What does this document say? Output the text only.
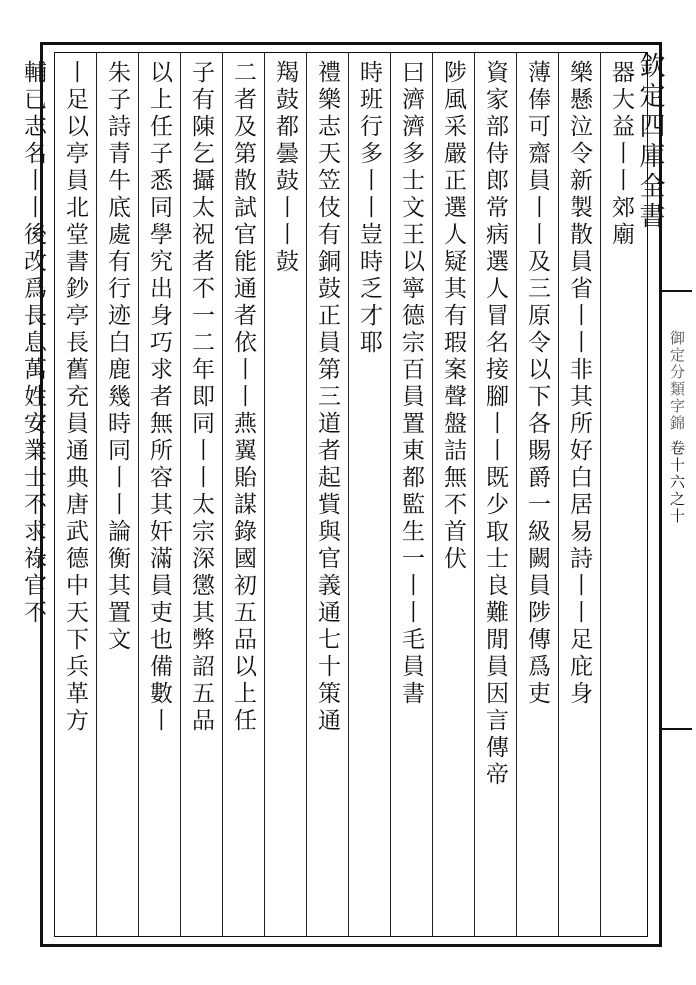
欽定四庫全書
御定分類字錦
卷十六之十
器大益丨丨郊廟
樂懸泣令新製散員省丨丨非其所好白居易詩丨丨足庇身
薄俸可齋員丨丨及三原令以下各賜爵一級闕員陟傳爲吏
資家部侍郎常病選人冒名接腳丨丨既少取士良難閒員因言傳帝
陟風采嚴正選人疑其有瑕案聲盤詰無不首伏
曰濟濟多士文王以寧德宗百員置東都監生一丨丨毛員書
時班行多丨丨豈時乏才耶
禮樂志天笠伎有銅鼓正員第三道者起貲與官義通七十策通
羯鼓都曇鼓丨丨鼓
二者及第散試官能通者依丨丨燕翼貽謀錄國初五品以上任
子有陳乞攝太祝者不一二年即同丨丨太宗深懲其弊詔五品
以上任子悉同學究出身巧求者無所容其奸滿員吏也備數丨
朱子詩青牛底處有行迹白鹿幾時同丨丨論衡其置文
丨足以亭員北堂書鈔亭長舊充員通典唐武德中天下兵革方
輔已志名丨丨後改爲長息萬姓安業士不求祿官不
